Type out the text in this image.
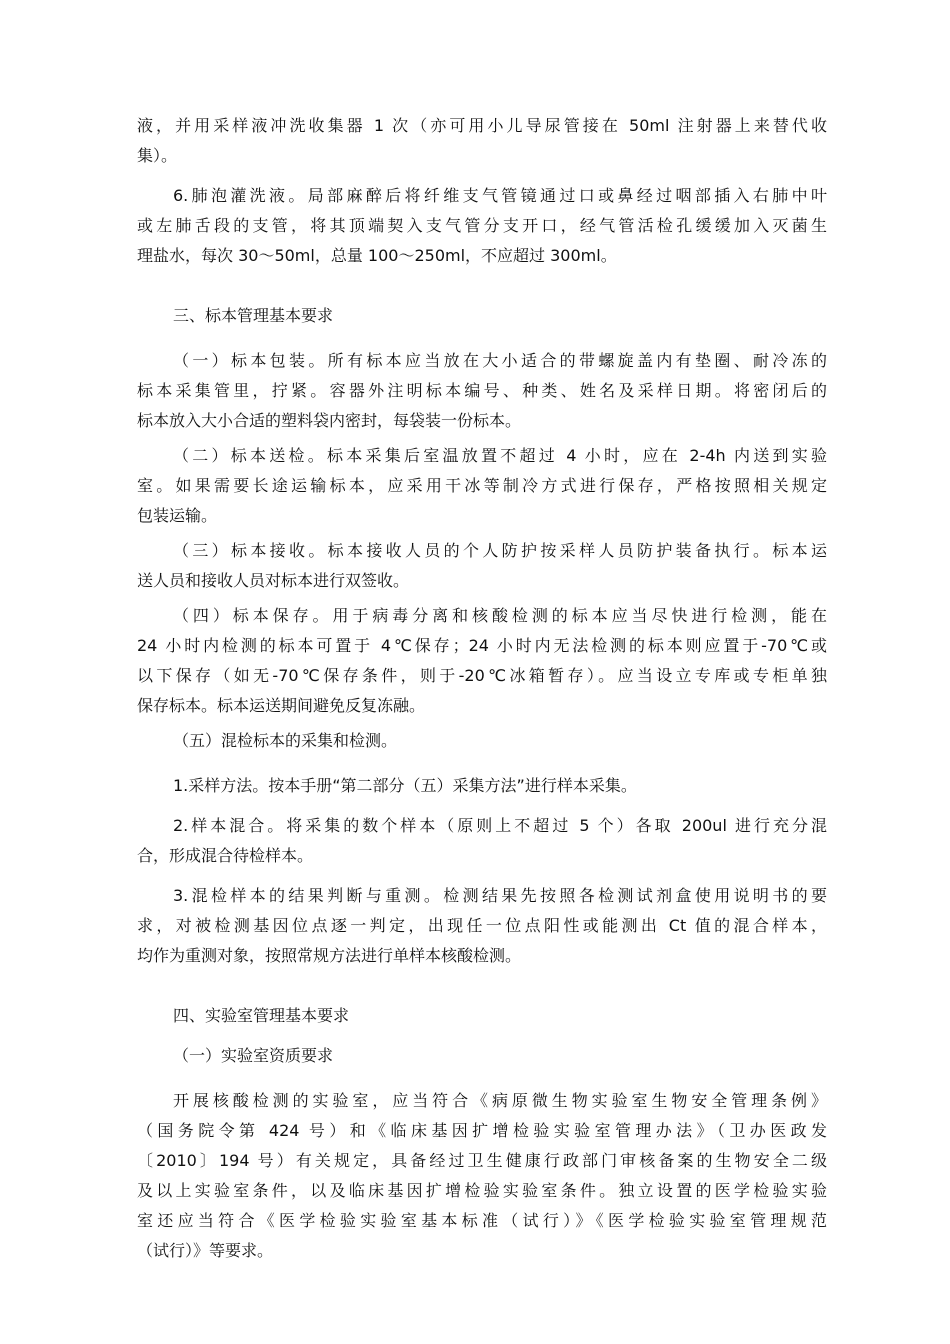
液，并用采样液冲洗收集器 1 次（亦可用小儿导尿管接在 50ml 注射器上来替代收
集）。
6.肺泡灌洗液。局部麻醉后将纤维支气管镜通过口或鼻经过咽部插入右肺中叶
或左肺舌段的支管，将其顶端契入支气管分支开口，经气管活检孔缓缓加入灭菌生
理盐水，每次 30～50ml，总量 100～250ml，不应超过 300ml。
三、标本管理基本要求
（一）标本包装。所有标本应当放在大小适合的带螺旋盖内有垫圈、耐冷冻的
标本采集管里，拧紧。容器外注明标本编号、种类、姓名及采样日期。将密闭后的
标本放入大小合适的塑料袋内密封，每袋装一份标本。
（二）标本送检。标本采集后室温放置不超过 4 小时，应在 2-4h 内送到实验
室。如果需要长途运输标本，应采用干冰等制冷方式进行保存，严格按照相关规定
包装运输。
（三）标本接收。标本接收人员的个人防护按采样人员防护装备执行。标本运
送人员和接收人员对标本进行双签收。
（四）标本保存。用于病毒分离和核酸检测的标本应当尽快进行检测，能在
24 小时内检测的标本可置于 4℃保存；24 小时内无法检测的标本则应置于-70℃或
以下保存（如无-70℃保存条件，则于-20℃冰箱暂存）。应当设立专库或专柜单独
保存标本。标本运送期间避免反复冻融。
（五）混检标本的采集和检测。
1.采样方法。按本手册“第二部分（五）采集方法”进行样本采集。
2.样本混合。将采集的数个样本（原则上不超过 5 个）各取 200ul 进行充分混
合，形成混合待检样本。
3.混检样本的结果判断与重测。检测结果先按照各检测试剂盒使用说明书的要
求，对被检测基因位点逐一判定，出现任一位点阳性或能测出 Ct 值的混合样本，
均作为重测对象，按照常规方法进行单样本核酸检测。
四、实验室管理基本要求
（一）实验室资质要求
开展核酸检测的实验室，应当符合《病原微生物实验室生物安全管理条例》
（国务院令第 424 号）和《临床基因扩增检验实验室管理办法》（卫办医政发
〔2010〕194 号）有关规定，具备经过卫生健康行政部门审核备案的生物安全二级
及以上实验室条件，以及临床基因扩增检验实验室条件。独立设置的医学检验实验
室还应当符合《医学检验实验室基本标准（试行）》《医学检验实验室管理规范
（试行）》等要求。
